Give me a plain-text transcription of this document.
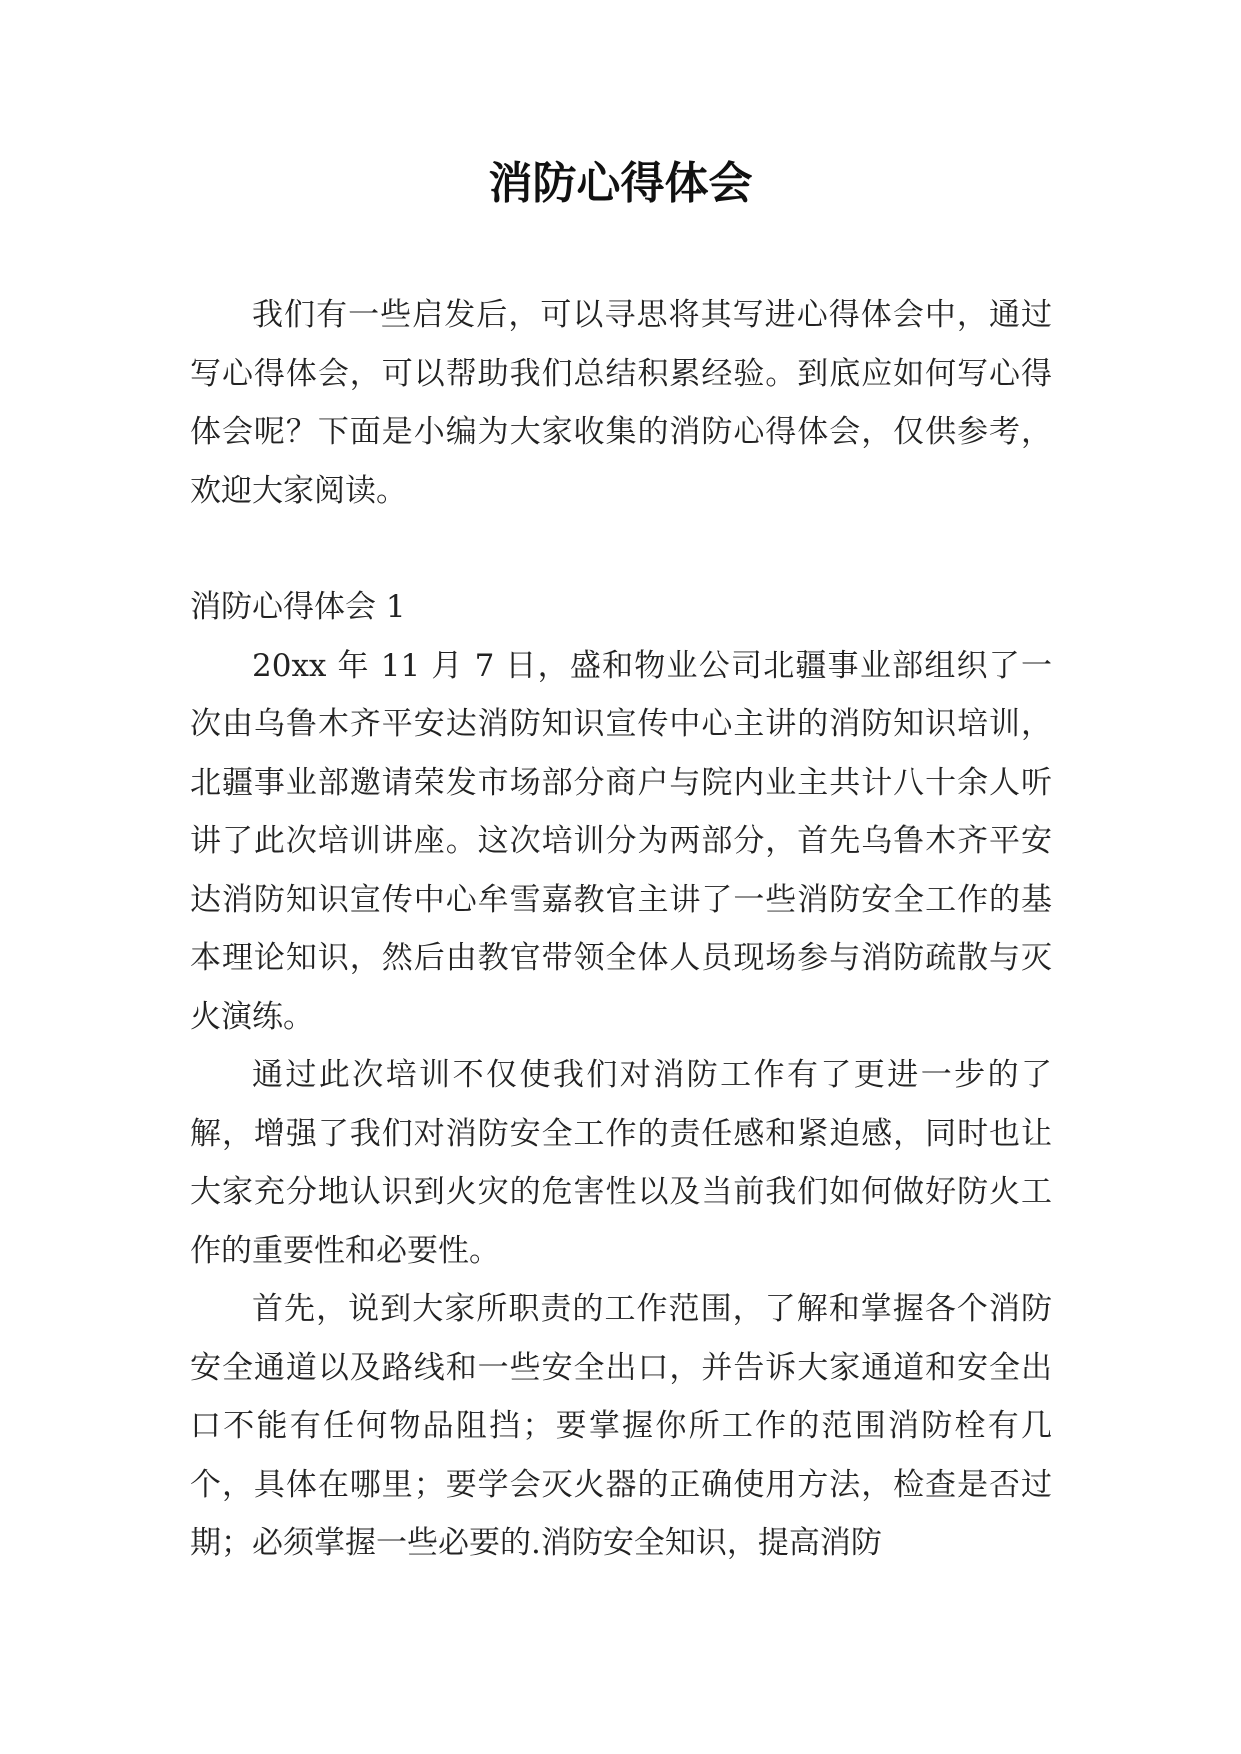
消防心得体会

我们有一些启发后，可以寻思将其写进心得体会中，通过写心得体会，可以帮助我们总结积累经验。到底应如何写心得体会呢？下面是小编为大家收集的消防心得体会，仅供参考，欢迎大家阅读。

消防心得体会 1

20xx 年 11 月 7 日，盛和物业公司北疆事业部组织了一次由乌鲁木齐平安达消防知识宣传中心主讲的消防知识培训，北疆事业部邀请荣发市场部分商户与院内业主共计八十余人听讲了此次培训讲座。这次培训分为两部分，首先乌鲁木齐平安达消防知识宣传中心牟雪嘉教官主讲了一些消防安全工作的基本理论知识，然后由教官带领全体人员现场参与消防疏散与灭火演练。

通过此次培训不仅使我们对消防工作有了更进一步的了解，增强了我们对消防安全工作的责任感和紧迫感，同时也让大家充分地认识到火灾的危害性以及当前我们如何做好防火工作的重要性和必要性。

首先，说到大家所职责的工作范围，了解和掌握各个消防安全通道以及路线和一些安全出口，并告诉大家通道和安全出口不能有任何物品阻挡；要掌握你所工作的范围消防栓有几个，具体在哪里；要学会灭火器的正确使用方法，检查是否过期；必须掌握一些必要的.消防安全知识，提高消防
